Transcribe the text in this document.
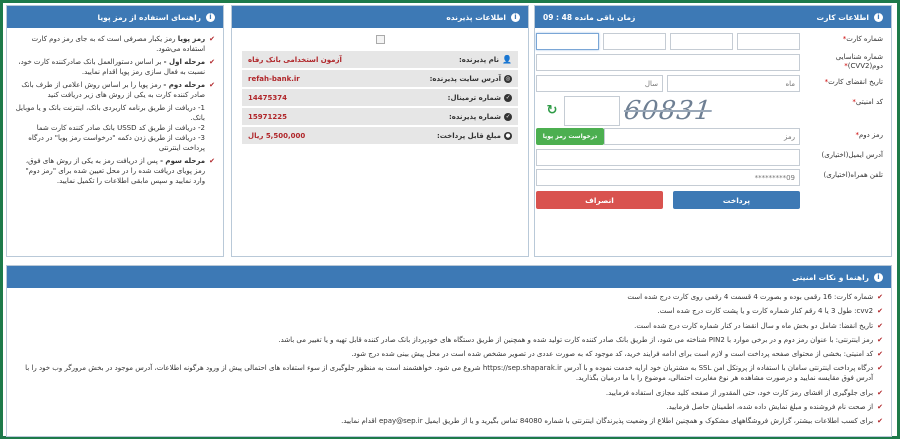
i
اطلاعات کارت
زمان باقی مانده 48 : 09
شماره کارت*
شماره شناسایی دوم(CVV2)*
تاریخ انقضای کارت*
ماه
سال
کد امنیتی*
60831
↻
رمز دوم*
رمز
درخواست رمز پویا
آدرس ایمیل(اختیاری)
تلفن همراه(اختیاری)
09*********
پرداخت
انصراف
i
اطلاعات پذیرنده
👤
نام پذیرنده:
آزمون استخدامی بانک رفاه
◎
آدرس سایت پذیرنده:
refah-bank.ir
✓
شماره ترمینال:
14475374
✓
شماره پذیرنده:
15971225
●
مبلغ قابل پرداخت:
5,500,000 ریال
i
راهنمای استفاده از رمز پویا
✔
رمز پویا رمز یکبار مصرفی است که به جای رمز دوم کارت استفاده می‌شود.
✔
مرحله اول - بر اساس دستورالعمل بانک صادرکننده کارت خود، نسبت به فعال سازی رمز پویا اقدام نمایید.
✔
مرحله دوم - رمز پویا را بر اساس روش اعلامی از طرف بانک صادر کننده کارت به یکی از روش های زیر دریافت کنید
1- دریافت از طریق برنامه کاربردی بانک، اینترنت بانک و یا موبایل بانک.
2- دریافت از طریق کد USSD بانک صادر کننده کارت شما
3- دریافت از طریق زدن دکمه "درخواست رمز پویا" در درگاه پرداخت اینترنتی
✔
مرحله سوم - پس از دریافت رمز به یکی از روش های فوق، رمز پویای دریافت شده را در محل تعیین شده برای "رمز دوم" وارد نمایید و سپس مابقی اطلاعات را تکمیل نمایید.
i
راهنما و نکات امنیتی
✔
شماره کارت: 16 رقمی بوده و بصورت 4 قسمت 4 رقمی روی کارت درج شده است
✔
cvv2: طول 3 یا 4 رقم کنار شماره کارت و یا پشت کارت درج شده است.
✔
تاریخ انقضا: شامل دو بخش ماه و سال انقضا در کنار شماره کارت درج شده است.
✔
رمز اینترنتی: با عنوان رمز دوم و در برخی موارد با PIN2 شناخته می شود، از طریق بانک صادر کننده کارت تولید شده و همچنین از طریق دستگاه های خودپرداز بانک صادر کننده قابل تهیه و یا تغییر می باشد.
✔
کد امنیتی: بخشی از محتوای صفحه پرداخت است و لازم است برای ادامه فرایند خرید، کد موجود که به صورت عددی در تصویر مشخص شده است در محل پیش بینی شده درج شود.
✔
درگاه پرداخت اینترنتی سامان با استفاده از پروتکل امن SSL به مشتریان خود ارایه خدمت نموده و با آدرس https://sep.shaparak.ir شروع می شود. خواهشمند است به منظور جلوگیری از سوء استفاده های احتمالی پیش از ورود هرگونه اطلاعات، آدرس موجود در بخش مرورگر وب خود را با آدرس فوق مقایسه نمایید و درصورت مشاهده هر نوع مغایرت احتمالی، موضوع را با ما درمیان بگذارید.
✔
برای جلوگیری از افشای رمز کارت خود، حتی المقدور از صفحه کلید مجازی استفاده فرمایید.
✔
از صحت نام فروشنده و مبلغ نمایش داده شده، اطمینان حاصل فرمایید.
✔
برای کسب اطلاعات بیشتر، گزارش فروشگاههای مشکوک و همچنین اطلاع از وضعیت پذیرندگان اینترنتی با شماره 84080 تماس بگیرید و یا از طریق ایمیل epay@sep.ir اقدام نمایید.
